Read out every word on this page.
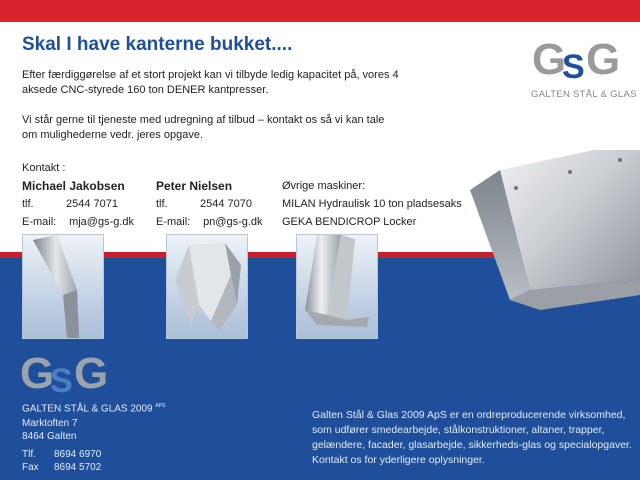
Skal I have kanterne bukket....

Efter færdiggørelse af et stort projekt kan vi tilbyde ledig kapacitet på, vores 4 aksede CNC-styrede 160 ton DENER kantpresser.

Vi står gerne til tjeneste med udregning af tilbud – kontakt os så vi kan tale om mulighederne vedr. jeres opgave.

Kontakt :
Michael Jakobsen
tlf.	2544 7071
E-mail: mja@gs-g.dk
Peter Nielsen
tlf.	2544 7070
E-mail: pn@gs-g.dk
Øvrige maskiner:
MILAN Hydraulisk 10 ton pladsesaks
GEKA BENDICROP Locker
G
S G
GALTEN STÅL & GLAS
G
S G
GALTEN STÅL & GLAS 2009 $^{APS}$
Marktoften 7
8464 Galten
Tlf. 8694 6970
Fax 8694 5702

Galten Stål & Glas 2009 ApS er en ordreproducerende virksomhed, som udfører smedearbejde, stålkonstruktioner, altaner, trapper, gelændere, facader, glasarbejde, sikkerheds-glas og specialopgaver. Kontakt os for yderligere oplysninger.
